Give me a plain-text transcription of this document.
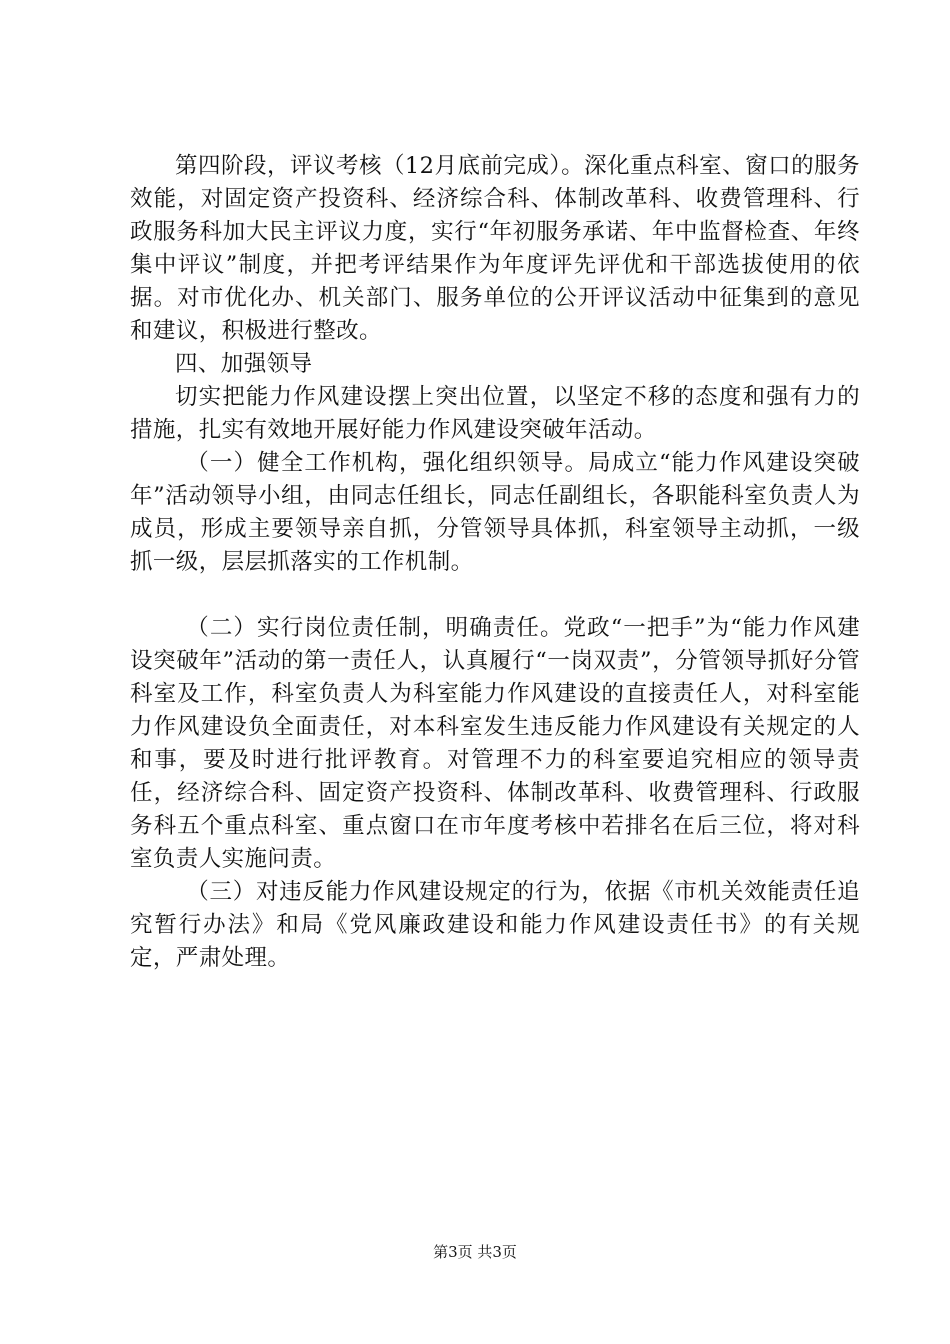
第四阶段，评议考核（12月底前完成）。深化重点科室、窗口的服务效能，对固定资产投资科、经济综合科、体制改革科、收费管理科、行政服务科加大民主评议力度，实行“年初服务承诺、年中监督检查、年终集中评议”制度，并把考评结果作为年度评先评优和干部选拔使用的依据。对市优化办、机关部门、服务单位的公开评议活动中征集到的意见和建议，积极进行整改。

四、加强领导

切实把能力作风建设摆上突出位置，以坚定不移的态度和强有力的措施，扎实有效地开展好能力作风建设突破年活动。

（一）健全工作机构，强化组织领导。局成立“能力作风建设突破年”活动领导小组，由同志任组长，同志任副组长，各职能科室负责人为成员，形成主要领导亲自抓，分管领导具体抓，科室领导主动抓，一级抓一级，层层抓落实的工作机制。

（二）实行岗位责任制，明确责任。党政“一把手”为“能力作风建设突破年”活动的第一责任人，认真履行“一岗双责”，分管领导抓好分管科室及工作，科室负责人为科室能力作风建设的直接责任人，对科室能力作风建设负全面责任，对本科室发生违反能力作风建设有关规定的人和事，要及时进行批评教育。对管理不力的科室要追究相应的领导责任，经济综合科、固定资产投资科、体制改革科、收费管理科、行政服务科五个重点科室、重点窗口在市年度考核中若排名在后三位，将对科室负责人实施问责。

（三）对违反能力作风建设规定的行为，依据《市机关效能责任追究暂行办法》和局《党风廉政建设和能力作风建设责任书》的有关规定，严肃处理。

第3页 共3页
